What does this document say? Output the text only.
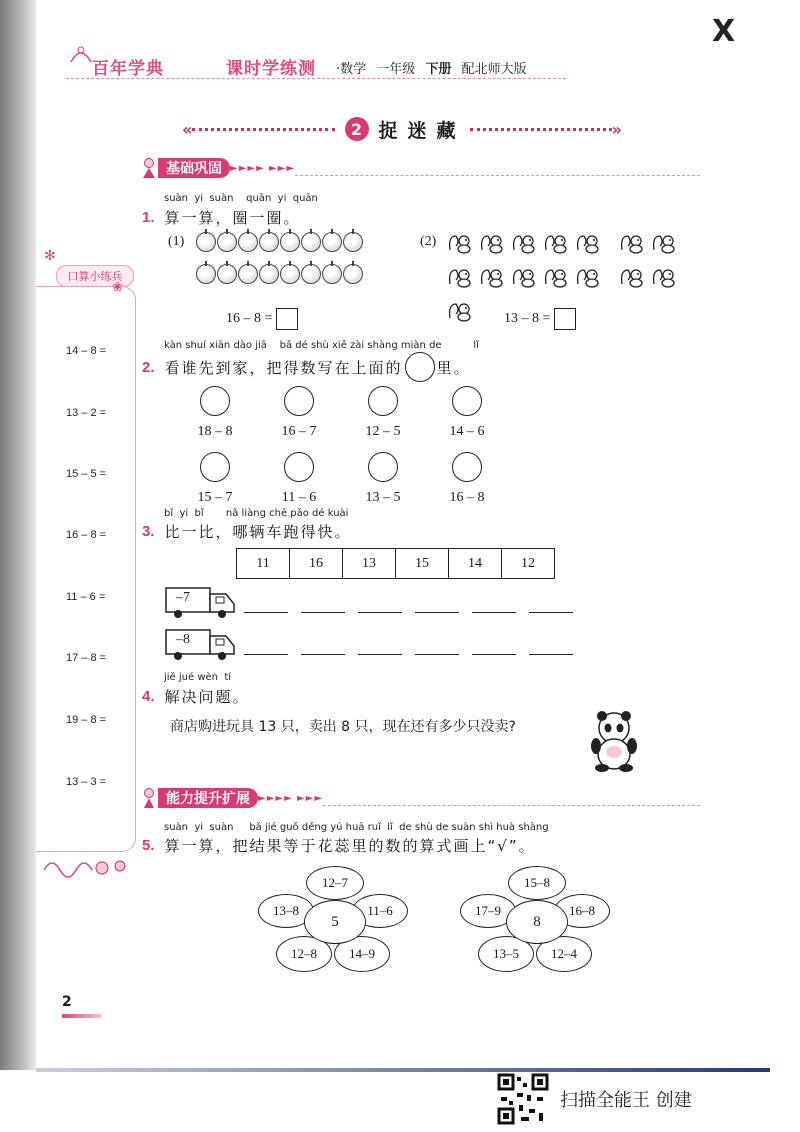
百年学典	课时学练测 ·数学 一年级 下册 配北师大版
X
«	2 捉迷藏	»
基础巩固 ►►►► ►►►
✻
口算小练兵
❀
14 – 8 =
13 – 2 =
15 – 5 =
16 – 8 =
11 – 6 =
17 – 8 =
19 – 8 =
13 – 3 =
suàn  yi  suàn    quān  yi  quān
1. 算一算，圈一圈。
(1)	(2)

16 – 8 =	13 – 8 =
kàn shuí xiān dào jiā    bǎ dé shù xiě zài shàng miàn de          lǐ
2. 看谁先到家，把得数写在上面的 里。
18 – 8	16 – 7	12 – 5	14 – 6
15 – 7	11 – 6	13 – 5	16 – 8
bǐ  yi  bǐ       nǎ liàng chē pǎo dé kuài
3. 比一比，哪辆车跑得快。
11	16	13	15	14	12
–7
–8
jiě jué wèn  tí
4. 解决问题。
商店购进玩具 13 只，卖出 8 只，现在还有多少只没卖?
能力提升扩展 ►►►► ►►►
suàn  yi  suàn     bǎ jié guǒ děng yú huā ruǐ  lǐ  de shù de suàn shì huà shàng
5. 算一算，把结果等于花蕊里的数的算式画上“√”。
12–7
11–6
14–9
12–8
13–8
5
15–8
16–8
12–4
13–5
17–9
8
2
扫描全能王 创建
